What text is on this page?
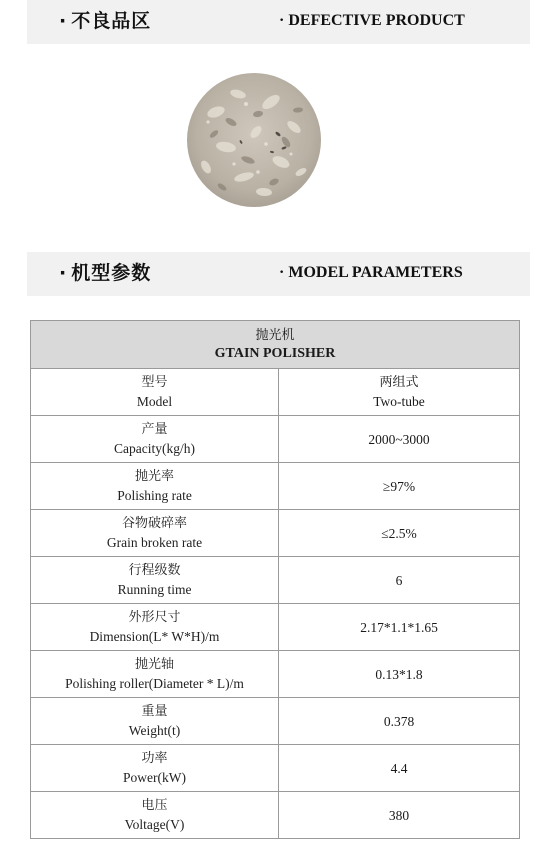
· 不良品区	· DEFECTIVE PRODUCT
· 机型参数	· MODEL PARAMETERS
抛光机
GTAIN POLISHER	

型号
Model	两组式
Two-tube

产量
Capacity(kg/h)	2000~3000

抛光率
Polishing rate	≥97%

谷物破碎率
Grain broken rate	≤2.5%

行程级数
Running time	6

外形尺寸
Dimension(L* W*H)/m	2.17*1.1*1.65

抛光轴
Polishing roller(Diameter * L)/m	0.13*1.8

重量
Weight(t)	0.378

功率
Power(kW)	4.4

电压
Voltage(V)	380
